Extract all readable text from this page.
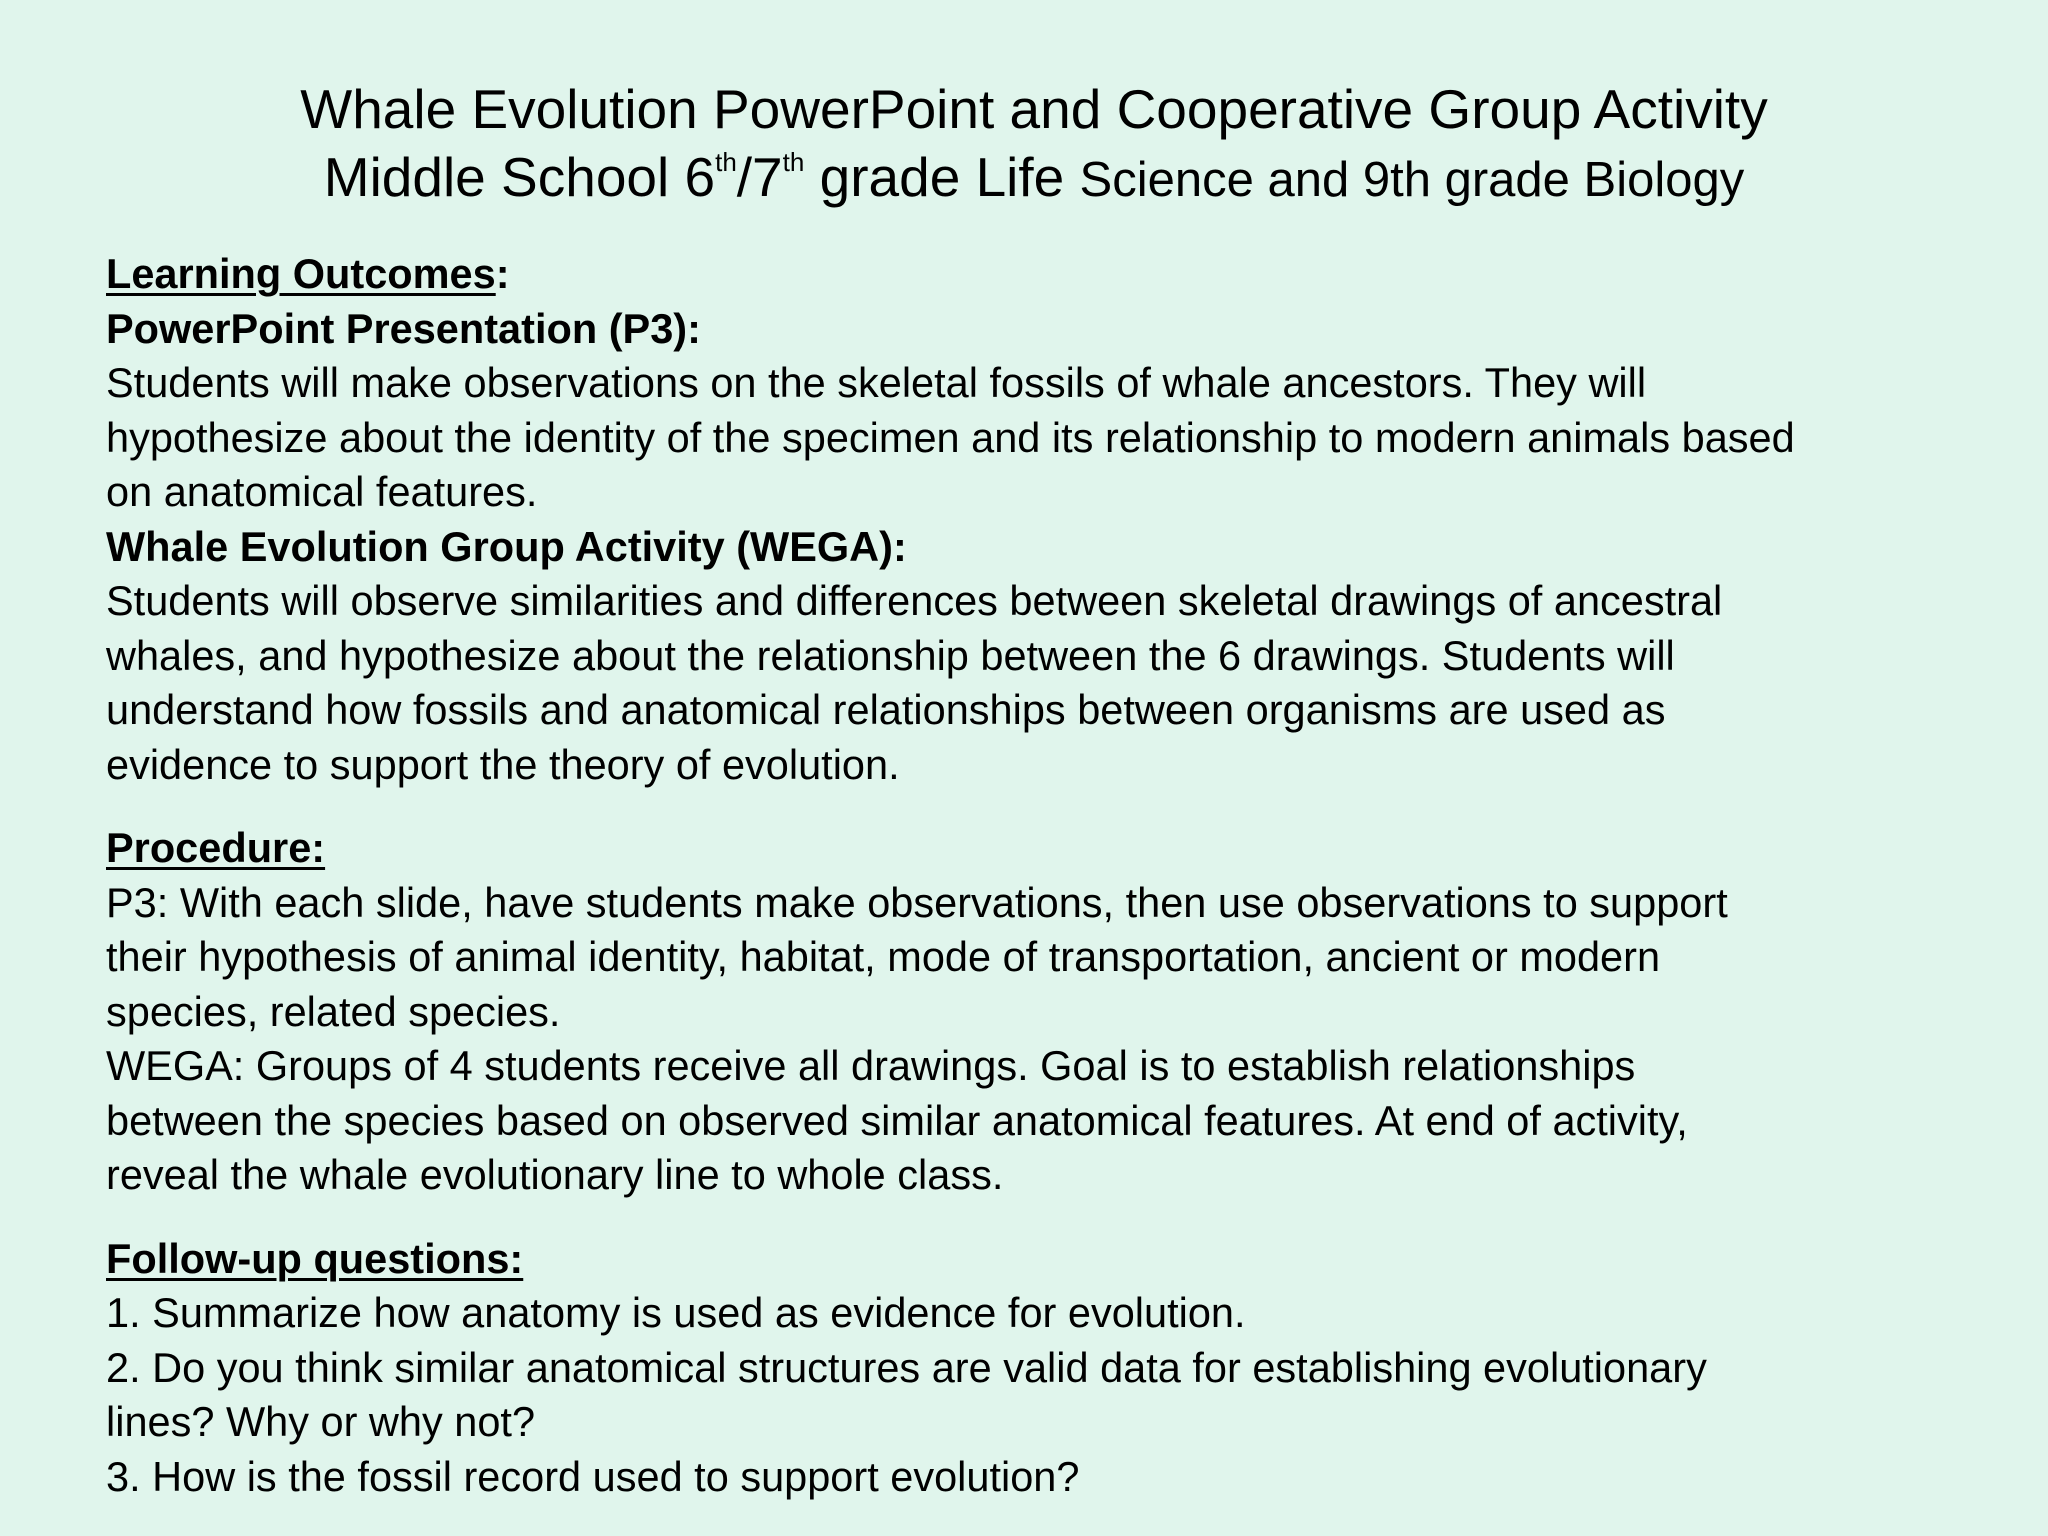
Whale Evolution PowerPoint and Cooperative Group Activity
Middle School 6th/7th grade Life Science and 9th grade Biology
Learning Outcomes:
PowerPoint Presentation (P3):
Students will make observations on the skeletal fossils of whale ancestors. They will
hypothesize about the identity of the specimen and its relationship to modern animals based
on anatomical features.
Whale Evolution Group Activity (WEGA):
Students will observe similarities and differences between skeletal drawings of ancestral
whales, and hypothesize about the relationship between the 6 drawings. Students will
understand how fossils and anatomical relationships between organisms are used as
evidence to support the theory of evolution.
Procedure:
P3: With each slide, have students make observations, then use observations to support
their hypothesis of animal identity, habitat, mode of transportation, ancient or modern
species, related species.
WEGA: Groups of 4 students receive all drawings. Goal is to establish relationships
between the species based on observed similar anatomical features. At end of activity,
reveal the whale evolutionary line to whole class.
Follow-up questions:
1. Summarize how anatomy is used as evidence for evolution.
2. Do you think similar anatomical structures are valid data for establishing evolutionary
lines? Why or why not?
3. How is the fossil record used to support evolution?
